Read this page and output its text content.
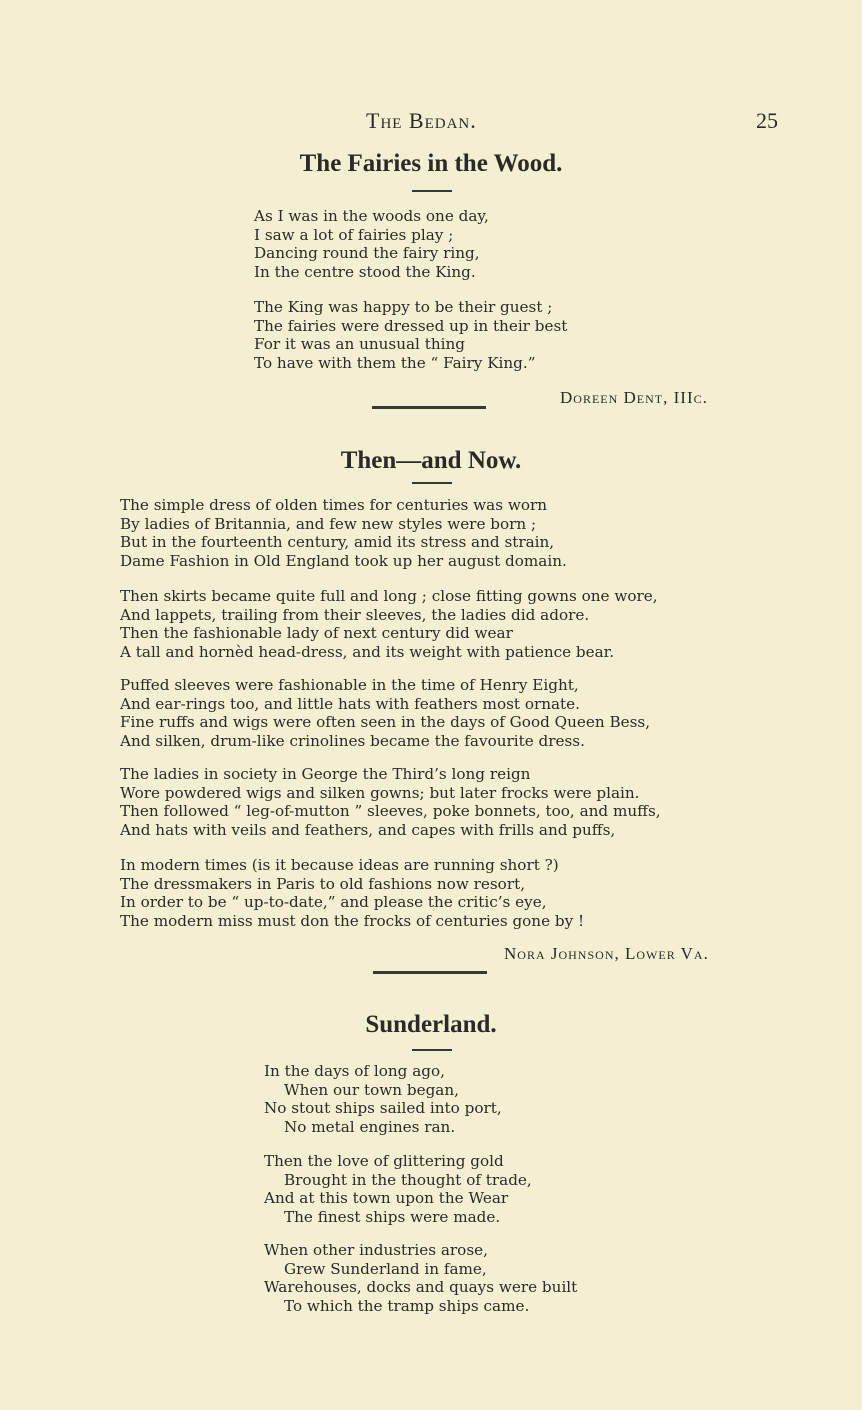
The Bedan.	25
The Fairies in the Wood.
As I was in the woods one day,
I saw a lot of fairies play ;
Dancing round the fairy ring,
In the centre stood the King.
The King was happy to be their guest ;
The fairies were dressed up in their best
For it was an unusual thing
To have with them the “ Fairy King.”
Doreen Dent, IIIc.
Then—and Now.
The simple dress of olden times for centuries was worn
By ladies of Britannia, and few new styles were born ;
But in the fourteenth century, amid its stress and strain,
Dame Fashion in Old England took up her august domain.
Then skirts became quite full and long ; close fitting gowns one wore,
And lappets, trailing from their sleeves, the ladies did adore.
Then the fashionable lady of next century did wear
A tall and hornèd head-dress, and its weight with patience bear.
Puffed sleeves were fashionable in the time of Henry Eight,
And ear-rings too, and little hats with feathers most ornate.
Fine ruffs and wigs were often seen in the days of Good Queen Bess,
And silken, drum-like crinolines became the favourite dress.
The ladies in society in George the Third’s long reign
Wore powdered wigs and silken gowns; but later frocks were plain.
Then followed “ leg-of-mutton ” sleeves, poke bonnets, too, and muffs,
And hats with veils and feathers, and capes with frills and puffs,
In modern times (is it because ideas are running short ?)
The dressmakers in Paris to old fashions now resort,
In order to be “ up-to-date,” and please the critic’s eye,
The modern miss must don the frocks of centuries gone by !
Nora Johnson, Lower Va.
Sunderland.
In the days of long ago,
When our town began,
No stout ships sailed into port,
No metal engines ran.
Then the love of glittering gold
Brought in the thought of trade,
And at this town upon the Wear
The finest ships were made.
When other industries arose,
Grew Sunderland in fame,
Warehouses, docks and quays were built
To which the tramp ships came.
